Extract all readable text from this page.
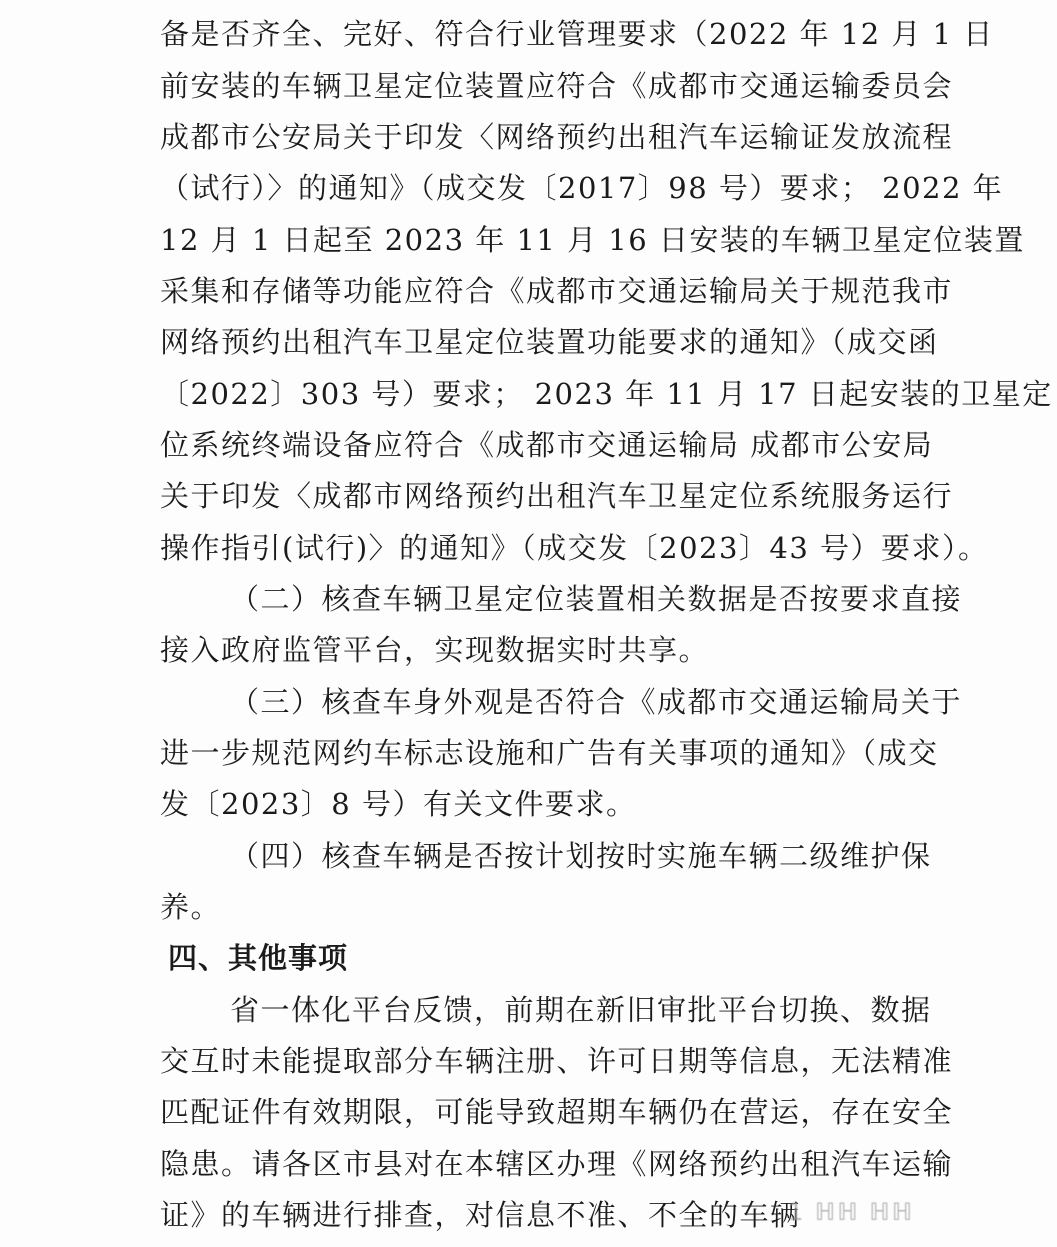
备是否齐全、完好、符合行业管理要求（2022 年 12 月 1 日
前安装的车辆卫星定位装置应符合《成都市交通运输委员会
成都市公安局关于印发〈网络预约出租汽车运输证发放流程
（试行）〉的通知》（成交发〔2017〕98 号）要求； 2022 年
12 月 1 日起至 2023 年 11 月 16 日安装的车辆卫星定位装置
采集和存储等功能应符合《成都市交通运输局关于规范我市
网络预约出租汽车卫星定位装置功能要求的通知》（成交函
〔2022〕303 号）要求； 2023 年 11 月 17 日起安装的卫星定
位系统终端设备应符合《成都市交通运输局 成都市公安局
关于印发〈成都市网络预约出租汽车卫星定位系统服务运行
操作指引(试行)〉的通知》（成交发〔2023〕43 号）要求）。
（二）核查车辆卫星定位装置相关数据是否按要求直接
接入政府监管平台，实现数据实时共享。
（三）核查车身外观是否符合《成都市交通运输局关于
进一步规范网约车标志设施和广告有关事项的通知》（成交
发〔2023〕8 号）有关文件要求。
（四）核查车辆是否按计划按时实施车辆二级维护保
养。
四、其他事项
省一体化平台反馈，前期在新旧审批平台切换、数据
交互时未能提取部分车辆注册、许可日期等信息，无法精准
匹配证件有效期限，可能导致超期车辆仍在营运，存在安全
隐患。请各区市县对在本辖区办理《网络预约出租汽车运输
证》的车辆进行排查，对信息不准、不全的车辆
1 ℍℍ ℍℍ
